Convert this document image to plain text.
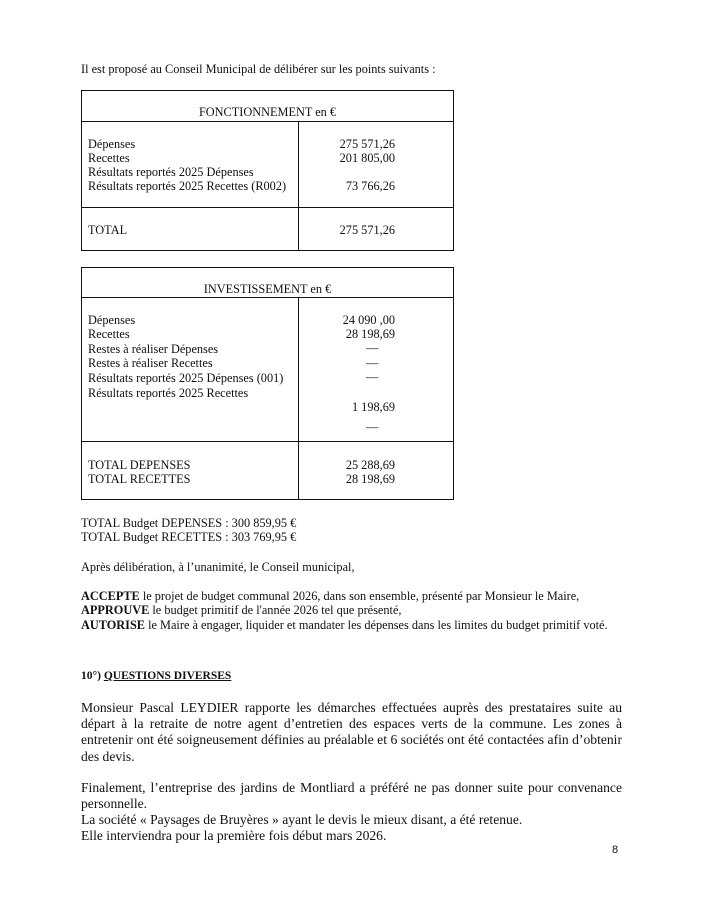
Il est proposé au Conseil Municipal de délibérer sur les points suivants :
FONCTIONNEMENT en €
Dépenses
Recettes
Résultats reportés 2025 Dépenses
Résultats reportés 2025 Recettes (R002)
275 571,26
201 805,00
73 766,26
TOTAL	275 571,26
INVESTISSEMENT en €
Dépenses
Recettes
Restes à réaliser Dépenses
Restes à réaliser Recettes
Résultats reportés 2025 Dépenses (001)
Résultats reportés 2025 Recettes
24 090 ,00
28 198,69
—
—
—
1 198,69
—
TOTAL DEPENSES
TOTAL RECETTES
25 288,69
28 198,69
TOTAL Budget DEPENSES : 300 859,95 €
TOTAL Budget RECETTES : 303 769,95 €
Après délibération, à l’unanimité, le Conseil municipal,
ACCEPTE le projet de budget communal 2026, dans son ensemble, présenté par Monsieur le Maire,
APPROUVE le budget primitif de l'année 2026 tel que présenté,
AUTORISE le Maire à engager, liquider et mandater les dépenses dans les limites du budget primitif voté.
10°) QUESTIONS DIVERSES
Monsieur Pascal LEYDIER rapporte les démarches effectuées auprès des prestataires suite au départ à la retraite de notre agent d’entretien des espaces verts de la commune. Les zones à entretenir ont été soigneusement définies au préalable et 6 sociétés ont été contactées afin d’obtenir des devis.
Finalement, l’entreprise des jardins de Montliard a préféré ne pas donner suite pour convenance personnelle.
La société « Paysages de Bruyères » ayant le devis le mieux disant, a été retenue.
Elle interviendra pour la première fois début mars 2026.
8
